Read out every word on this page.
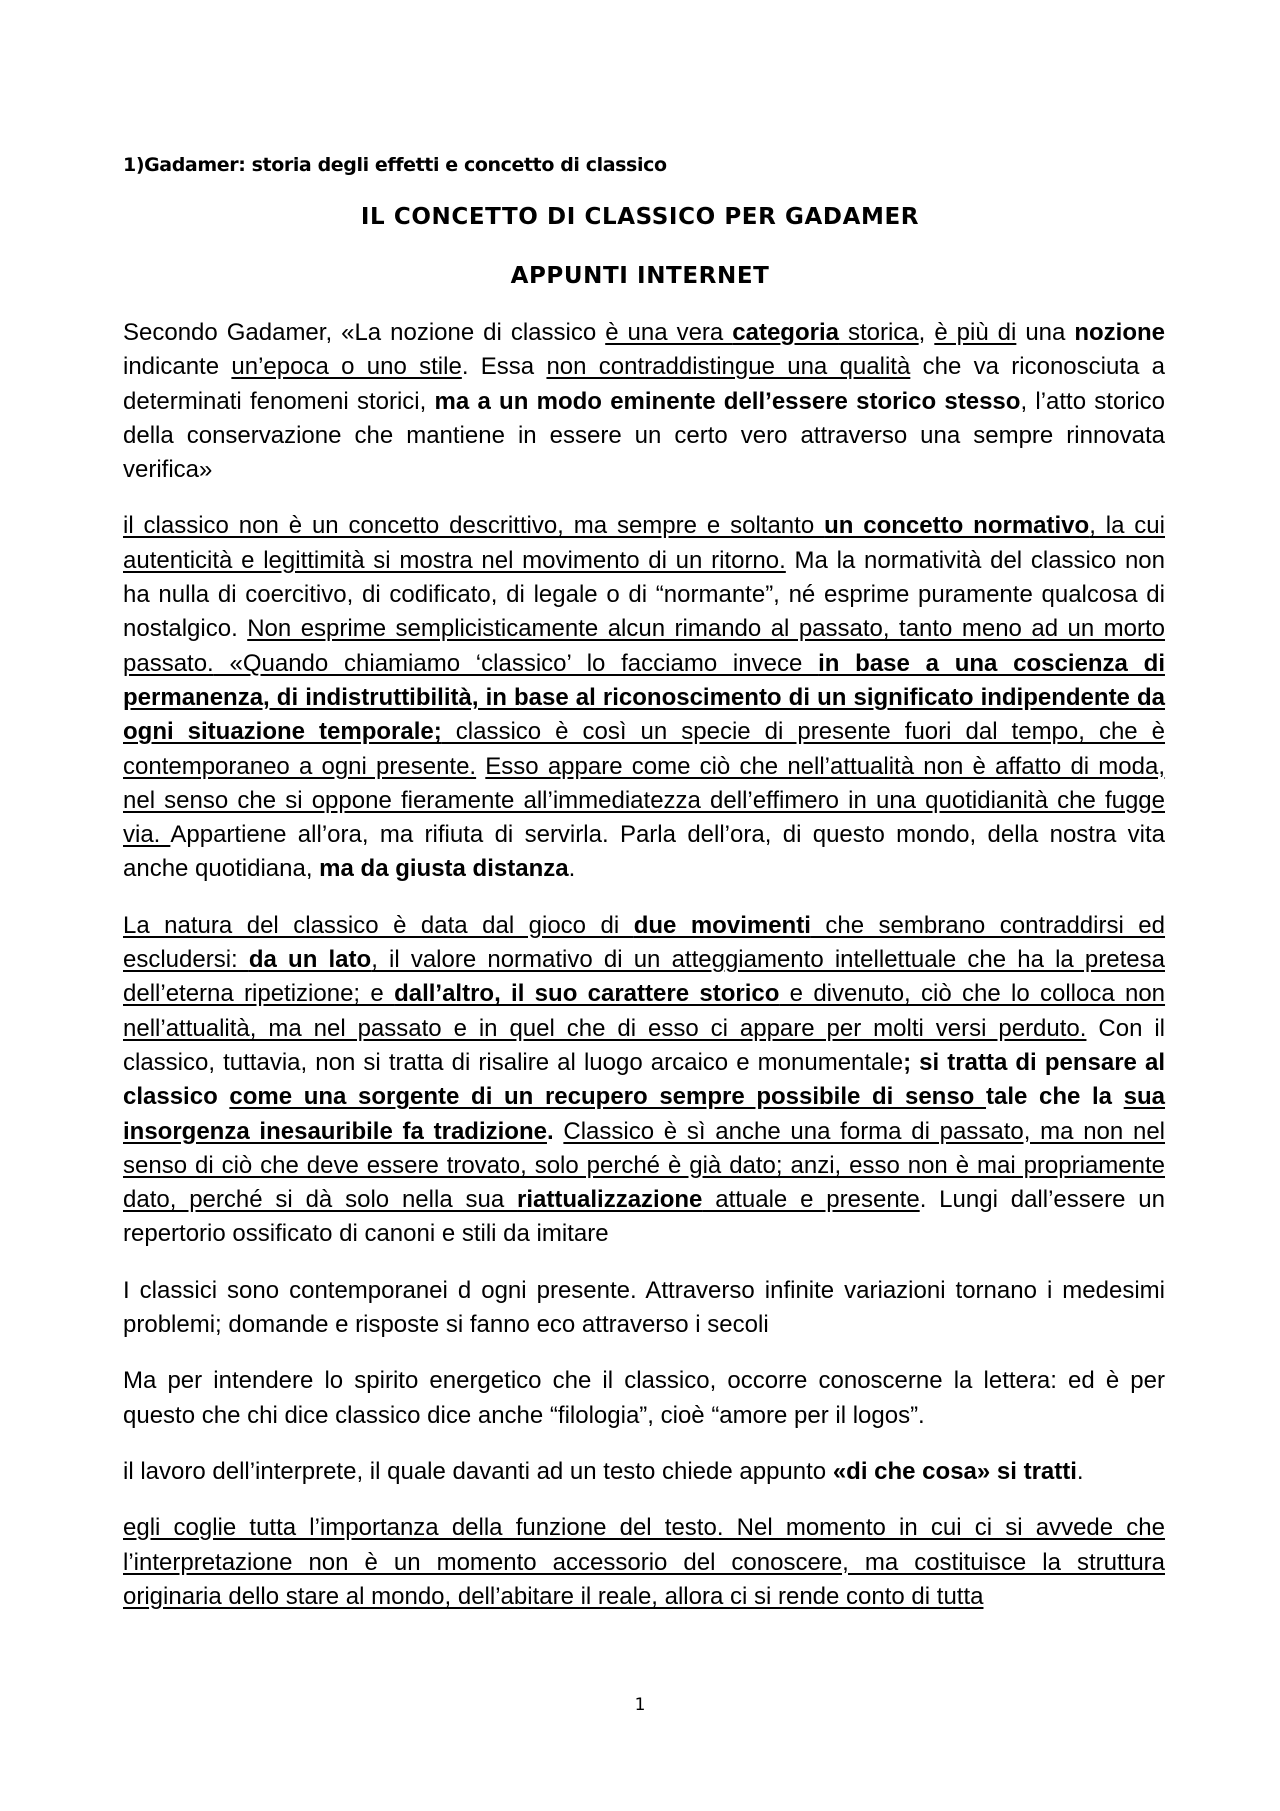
1)Gadamer: storia degli effetti e concetto di classico
IL CONCETTO DI CLASSICO PER GADAMER
APPUNTI INTERNET

Secondo Gadamer, «La nozione di classico è una vera categoria storica, è più di una nozione indicante un’epoca o uno stile. Essa non contraddistingue una qualità che va riconosciuta a determinati fenomeni storici, ma a un modo eminente dell’essere storico stesso, l’atto storico della conservazione che mantiene in essere un certo vero attraverso una sempre rinnovata verifica»

il classico non è un concetto descrittivo, ma sempre e soltanto un concetto normativo, la cui autenticità e legittimità si mostra nel movimento di un ritorno. Ma la normatività del classico non ha nulla di coercitivo, di codificato, di legale o di “normante”, né esprime puramente qualcosa di nostalgico. Non esprime semplicisticamente alcun rimando al passato, tanto meno ad un morto passato. «Quando chiamiamo ‘classico’ lo facciamo invece in base a una coscienza di permanenza, di indistruttibilità, in base al riconoscimento di un significato indipendente da ogni situazione temporale; classico è così un specie di presente fuori dal tempo, che è contemporaneo a ogni presente. Esso appare come ciò che nell’attualità non è affatto di moda, nel senso che si oppone fieramente all’immediatezza dell’effimero in una quotidianità che fugge via. Appartiene all’ora, ma rifiuta di servirla. Parla dell’ora, di questo mondo, della nostra vita anche quotidiana, ma da giusta distanza.

La natura del classico è data dal gioco di due movimenti che sembrano contraddirsi ed escludersi: da un lato, il valore normativo di un atteggiamento intellettuale che ha la pretesa dell’eterna ripetizione; e dall’altro, il suo carattere storico e divenuto, ciò che lo colloca non nell’attualità, ma nel passato e in quel che di esso ci appare per molti versi perduto. Con il classico, tuttavia, non si tratta di risalire al luogo arcaico e monumentale; si tratta di pensare al classico come una sorgente di un recupero sempre possibile di senso tale che la sua insorgenza inesauribile fa tradizione. Classico è sì anche una forma di passato, ma non nel senso di ciò che deve essere trovato, solo perché è già dato; anzi, esso non è mai propriamente dato, perché si dà solo nella sua riattualizzazione attuale e presente. Lungi dall’essere un repertorio ossificato di canoni e stili da imitare

I classici sono contemporanei d ogni presente. Attraverso infinite variazioni tornano i medesimi problemi; domande e risposte si fanno eco attraverso i secoli

Ma per intendere lo spirito energetico che il classico, occorre conoscerne la lettera: ed è per questo che chi dice classico dice anche “filologia”, cioè “amore per il logos”.

il lavoro dell’interprete, il quale davanti ad un testo chiede appunto «di che cosa» si tratti.

egli coglie tutta l’importanza della funzione del testo. Nel momento in cui ci si avvede che l’interpretazione non è un momento accessorio del conoscere, ma costituisce la struttura originaria dello stare al mondo, dell’abitare il reale, allora ci si rende conto di tutta

1
